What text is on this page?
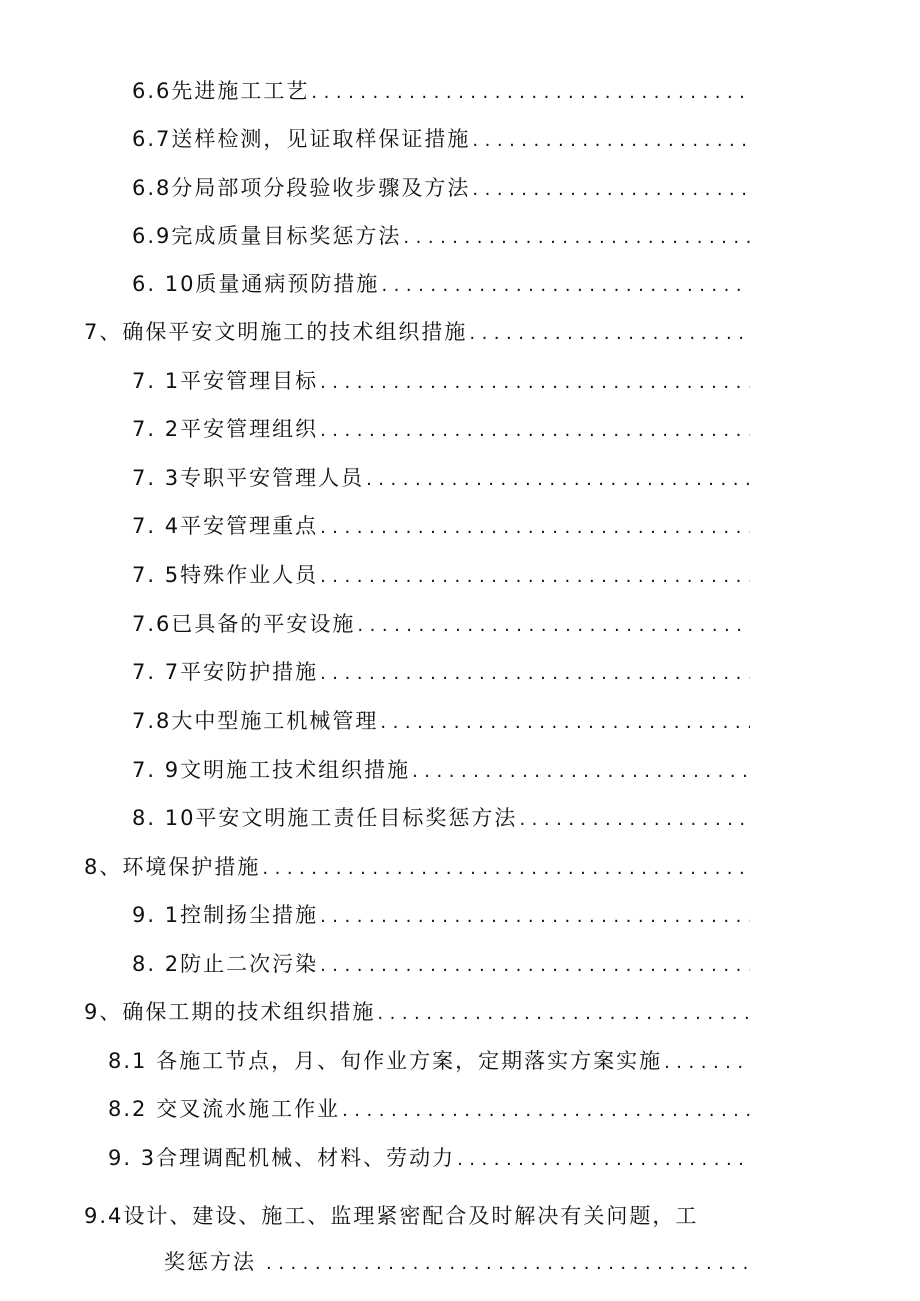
6.6先进施工工艺
.....
6.7送样检测，见证取样保证措施
.....
6.8分局部项分段验收步骤及方法
.....
6.9完成质量目标奖惩方法
.....
6. 10质量通病预防措施
.....
7、确保平安文明施工的技术组织措施
.....
7. 1平安管理目标
.....
7. 2平安管理组织
.....
7. 3专职平安管理人员
.....
7. 4平安管理重点
.....
7. 5特殊作业人员
.....
7.6已具备的平安设施
.....
7. 7平安防护措施
.....
7.8大中型施工机械管理
.....
7. 9文明施工技术组织措施
.....
8. 10平安文明施工责任目标奖惩方法
.....
8、环境保护措施
.....
9. 1控制扬尘措施
.....
8. 2防止二次污染
.....
9、确保工期的技术组织措施
.....
8.1 各施工节点，月、旬作业方案，定期落实方案实施
.....
8.2 交叉流水施工作业
.....
9. 3合理调配机械、材料、劳动力
.....
9.4设计、建设、施工、监理紧密配合及时解决有关问题，工
奖惩方法
.....
